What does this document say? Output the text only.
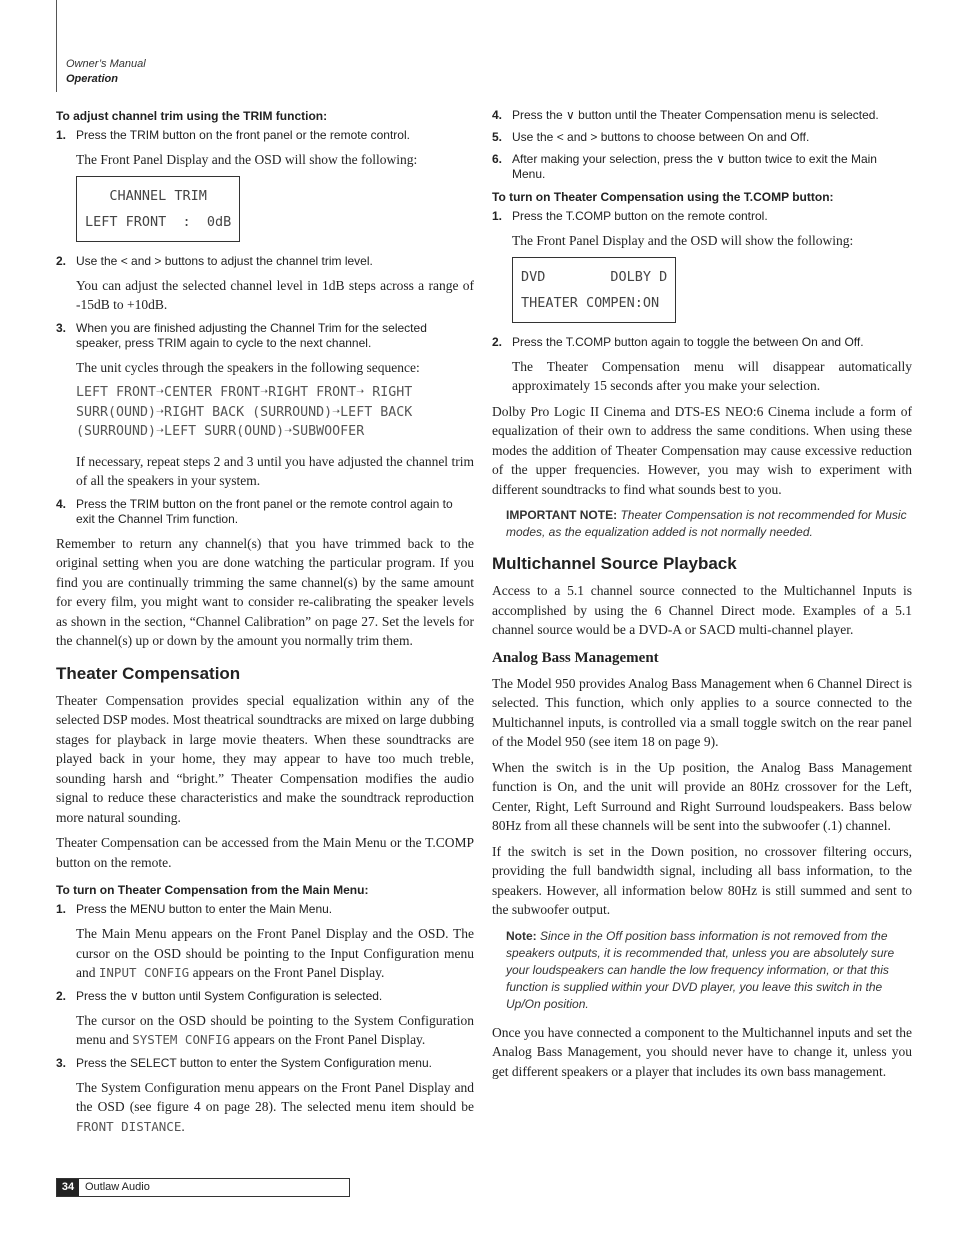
Owner’s Manual
Operation
To adjust channel trim using the TRIM function:
1. Press the TRIM button on the front panel or the remote control.

The Front Panel Display and the OSD will show the following:

CHANNEL TRIM
LEFT FRONT  :  0dB
2. Use the < and > buttons to adjust the channel trim level.

You can adjust the selected channel level in 1dB steps across a range of -15dB to +10dB.

3. When you are finished adjusting the Channel Trim for the selected speaker, press TRIM again to cycle to the next channel.

The unit cycles through the speakers in the following sequence:

LEFT FRONT➝CENTER FRONT➝RIGHT FRONT➝ RIGHT SURR(OUND)➝RIGHT BACK (SURROUND)➝LEFT BACK (SURROUND)➝LEFT SURR(OUND)➝SUBWOOFER

If necessary, repeat steps 2 and 3 until you have adjusted the channel trim of all the speakers in your system.

4. Press the TRIM button on the front panel or the remote control again to exit the Channel Trim function.

Remember to return any channel(s) that you have trimmed back to the original setting when you are done watching the particular program. If you find you are continually trimming the same channel(s) by the same amount for every film, you might want to consider re-calibrating the speaker levels as shown in the section, “Channel Calibration” on page 27. Set the levels for the channel(s) up or down by the amount you normally trim them.

Theater Compensation

Theater Compensation provides special equalization within any of the selected DSP modes. Most theatrical soundtracks are mixed on large dubbing stages for playback in large movie theaters. When these soundtracks are played back in your home, they may appear to have too much treble, sounding harsh and “bright.” Theater Compensation modifies the audio signal to reduce these characteristics and make the soundtrack reproduction more natural sounding.

Theater Compensation can be accessed from the Main Menu or the T.COMP button on the remote.

To turn on Theater Compensation from the Main Menu:
1. Press the MENU button to enter the Main Menu.

The Main Menu appears on the Front Panel Display and the OSD. The cursor on the OSD should be pointing to the Input Configuration menu and INPUT CONFIG appears on the Front Panel Display.

2. Press the ∨ button until System Configuration is selected.

The cursor on the OSD should be pointing to the System Configuration menu and SYSTEM CONFIG appears on the Front Panel Display.

3. Press the SELECT button to enter the System Configuration menu.

The System Configuration menu appears on the Front Panel Display and the OSD (see figure 4 on page 28). The selected menu item should be FRONT DISTANCE.

4. Press the ∨ button until the Theater Compensation menu is selected.
5. Use the < and > buttons to choose between On and Off.
6. After making your selection, press the ∨ button twice to exit the Main Menu.
To turn on Theater Compensation using the T.COMP button:
1. Press the T.COMP button on the remote control.

The Front Panel Display and the OSD will show the following:

DVD        DOLBY D
THEATER COMPEN:ON
2. Press the T.COMP button again to toggle the between On and Off.

The Theater Compensation menu will disappear automatically approximately 15 seconds after you make your selection.

Dolby Pro Logic II Cinema and DTS-ES NEO:6 Cinema include a form of equalization of their own to address the same conditions. When using these modes the addition of Theater Compensation may cause excessive reduction of the upper frequencies. However, you may wish to experiment with different soundtracks to find what sounds best to you.

IMPORTANT NOTE: Theater Compensation is not recommended for Music modes, as the equalization added is not normally needed.
Multichannel Source Playback

Access to a 5.1 channel source connected to the Multichannel Inputs is accomplished by using the 6 Channel Direct mode. Examples of a 5.1 channel source would be a DVD-A or SACD multi-channel player.

Analog Bass Management

The Model 950 provides Analog Bass Management when 6 Channel Direct is selected. This function, which only applies to a source connected to the Multichannel inputs, is controlled via a small toggle switch on the rear panel of the Model 950 (see item 18 on page 9).

When the switch is in the Up position, the Analog Bass Management function is On, and the unit will provide an 80Hz crossover for the Left, Center, Right, Left Surround and Right Surround loudspeakers. Bass below 80Hz from all these channels will be sent into the subwoofer (.1) channel.

If the switch is set in the Down position, no crossover filtering occurs, providing the full bandwidth signal, including all bass information, to the speakers. However, all information below 80Hz is still summed and sent to the subwoofer output.

Note: Since in the Off position bass information is not removed from the speakers outputs, it is recommended that, unless you are absolutely sure your loudspeakers can handle the low frequency information, or that this function is supplied within your DVD player, you leave this switch in the Up/On position.

Once you have connected a component to the Multichannel inputs and set the Analog Bass Management, you should never have to change it, unless you get different speakers or a player that includes its own bass management.

34 Outlaw Audio
